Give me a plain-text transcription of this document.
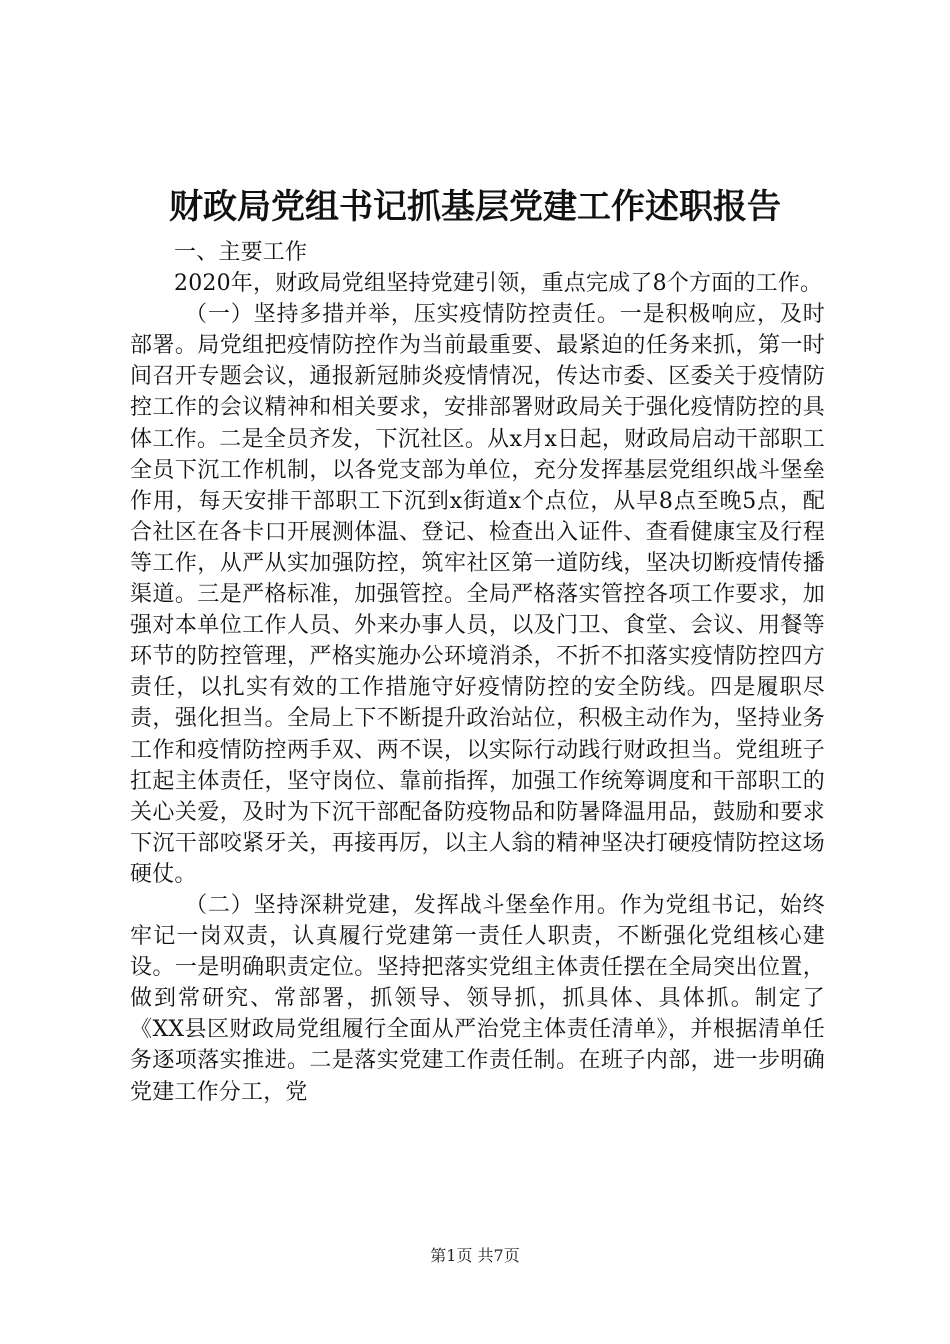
财政局党组书记抓基层党建工作述职报告

一、主要工作

2020年，财政局党组坚持党建引领，重点完成了8个方面的工作。

（一）坚持多措并举，压实疫情防控责任。一是积极响应，及时部署。局党组把疫情防控作为当前最重要、最紧迫的任务来抓，第一时间召开专题会议，通报新冠肺炎疫情情况，传达市委、区委关于疫情防控工作的会议精神和相关要求，安排部署财政局关于强化疫情防控的具体工作。二是全员齐发，下沉社区。从x月x日起，财政局启动干部职工全员下沉工作机制，以各党支部为单位，充分发挥基层党组织战斗堡垒作用，每天安排干部职工下沉到x街道x个点位，从早8点至晚5点，配合社区在各卡口开展测体温、登记、检查出入证件、查看健康宝及行程等工作，从严从实加强防控，筑牢社区第一道防线，坚决切断疫情传播渠道。三是严格标准，加强管控。全局严格落实管控各项工作要求，加强对本单位工作人员、外来办事人员，以及门卫、食堂、会议、用餐等环节的防控管理，严格实施办公环境消杀，不折不扣落实疫情防控四方责任，以扎实有效的工作措施守好疫情防控的安全防线。四是履职尽责，强化担当。全局上下不断提升政治站位，积极主动作为，坚持业务工作和疫情防控两手双、两不误，以实际行动践行财政担当。党组班子扛起主体责任，坚守岗位、靠前指挥，加强工作统筹调度和干部职工的关心关爱，及时为下沉干部配备防疫物品和防暑降温用品，鼓励和要求下沉干部咬紧牙关，再接再厉，以主人翁的精神坚决打硬疫情防控这场硬仗。

（二）坚持深耕党建，发挥战斗堡垒作用。作为党组书记，始终牢记一岗双责，认真履行党建第一责任人职责，不断强化党组核心建设。一是明确职责定位。坚持把落实党组主体责任摆在全局突出位置，做到常研究、常部署，抓领导、领导抓，抓具体、具体抓。制定了《XX县区财政局党组履行全面从严治党主体责任清单》，并根据清单任务逐项落实推进。二是落实党建工作责任制。在班子内部，进一步明确党建工作分工，党

第1页 共7页
